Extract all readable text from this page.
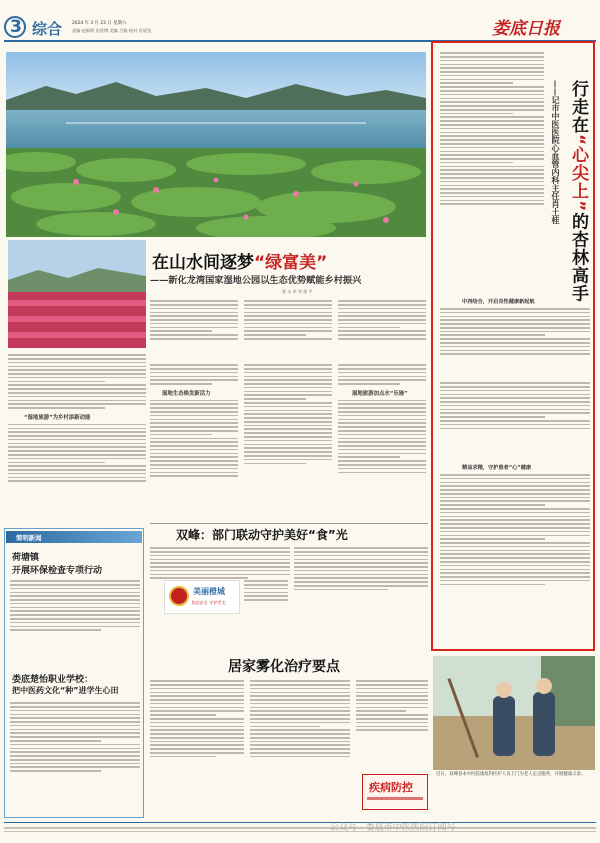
3 综合 2024 年 3 月 23 日 星期六
责编 赵新明 田兆博 美编 吕雅 校对 肖望龙	娄底日报
在山水间逐梦“绿富美”
——新化龙湾国家湿地公园以生态优势赋能乡村振兴
曹 永 华 刘 建 平
“湿地旅游”为乡村添新动能
湿地生态焕发新活力	湿地旅游加点水“乐施”
行走在“心尖上”的杏林高手
——记市中医医院心血管内科主任肖土桂
中西结合，开启良性健康新起航
精益求精，守护患者“心”健康
简明新闻
荷塘镇
开展环保检查专项行动
娄底楚怡职业学校：
把中医药文化“种”进学生心田
双峰：部门联动守护美好“食”光
美丽橙城
食品安全 守护舌尖
居家雾化治疗要点
疾病防控
近日，双峰县本中医院康复科医护人员上门为老人定点服务，开展健康义诊。
公众号 · 娄底市中医医院订阅号
